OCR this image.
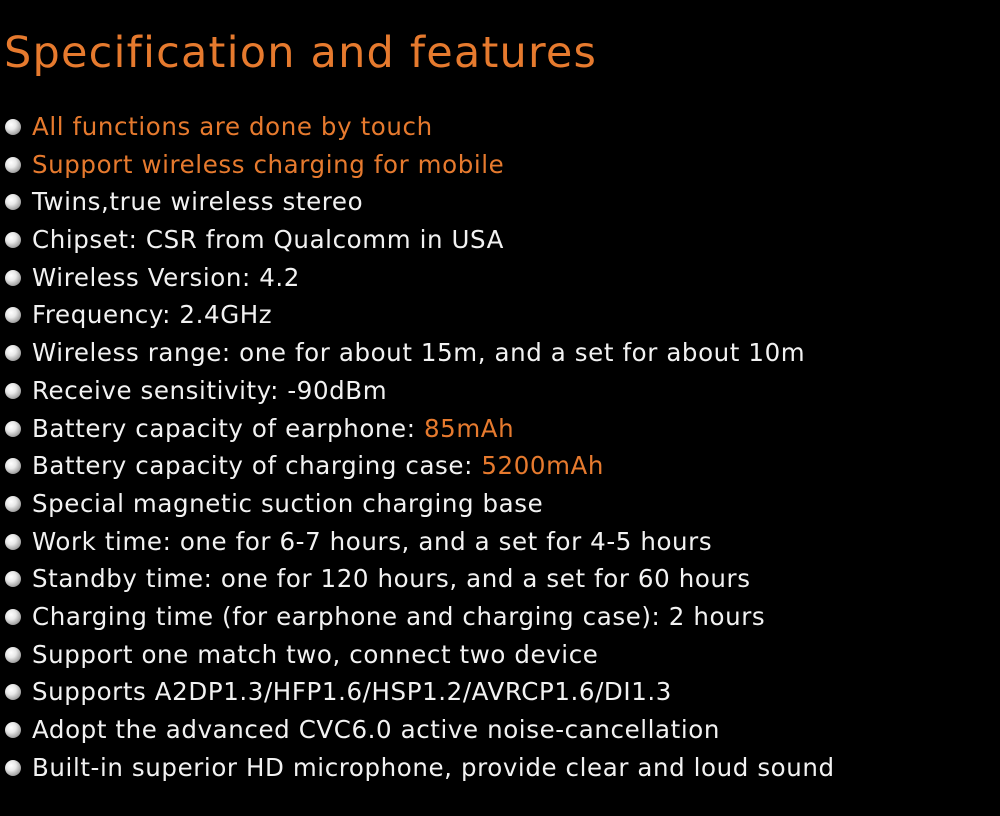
Specification and features
All functions are done by touch
Support wireless charging for mobile
Twins,true wireless stereo
Chipset: CSR from Qualcomm in USA
Wireless Version: 4.2
Frequency: 2.4GHz
Wireless range: one for about 15m, and a set for about 10m
Receive sensitivity: -90dBm
Battery capacity of earphone: 85mAh
Battery capacity of charging case: 5200mAh
Special magnetic suction charging base
Work time: one for 6-7 hours, and a set for 4-5 hours
Standby time: one for 120 hours, and a set for 60 hours
Charging time (for earphone and charging case): 2 hours
Support one match two, connect two device
Supports A2DP1.3/HFP1.6/HSP1.2/AVRCP1.6/DI1.3
Adopt the advanced CVC6.0 active noise-cancellation
Built-in superior HD microphone, provide clear and loud sound
